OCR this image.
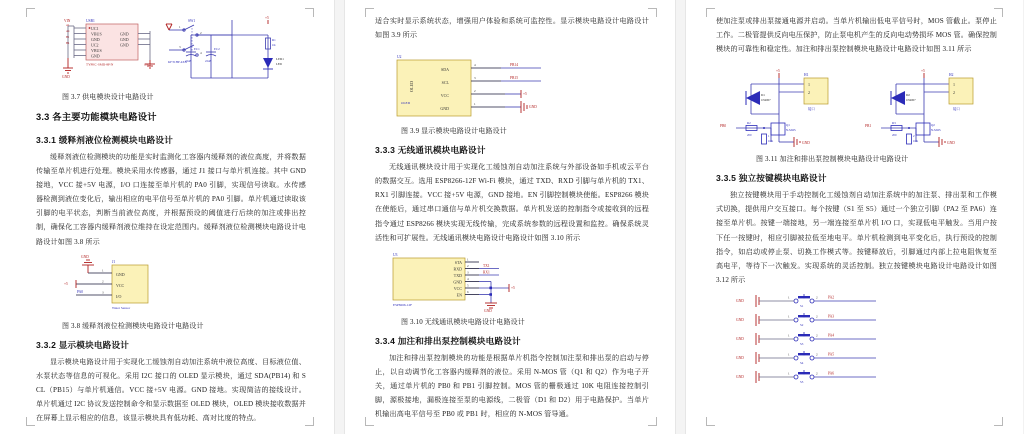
USB1
VIN
UC1
VBUS
GND
UC2
VBUS
GND
GND
GND
GND
TYPEC-SMD-8P/N
A1
A4
B1
B4
GND
GND
SW1
1
3
2
4
KFT1HP-4XX
+5
EC1
22uF
EC2
22uF
R1
1K
LED1
LED
图 3.7 供电模块设计电路设计
3.3 各主要功能模块电路设计
3.3.1 缓释剂液位检测模块电路设计

缓释剂液位检测模块的功能是实时监测化工容器内缓释剂的液位高度，并将数据传输至单片机进行处理。模块采用水传感器，通过 J1 接口与单片机连接。其中 GND 接地，VCC 接+5V 电源，I/O 口连接至单片机的 PA0 引脚，实现信号读取。水传感器检测到液位变化后，输出相应的电平信号至单片机的 PA0 引脚。单片机通过读取该引脚的电平状态，判断当前液位高度，并根据预设的阈值进行后续的加注或排出控制，确保化工容器内缓释剂液位维持在设定范围内。缓释剂液位检测模块电路设计电路设计如图 3.8 所示

J1
GND
VCC
I/O
1
2
3
Water Sensor
GND
+5
PA0
图 3.8 缓释剂液位检测模块电路设计电路设计
3.3.2 显示模块电路设计

显示模块电路设计用于实现化工缓蚀剂自动加注系统中液位高度、目标液位值、水泵状态等信息的可视化。采用 I2C 接口的 OLED 显示模块，通过 SDA(PB14) 和 SCL（PB15）与单片机通信。VCC 接+5V 电源。GND 接地。实现简洁的接线设计。单片机通过 I2C 协议发送控制命令和显示数据至 OLED 模块，OLED 模块接收数据并在屏幕上显示相应的信息，该显示模块具有低功耗、高对比度的特点。

适合实时显示系统状态，增强用户体验和系统可监控性。显示模块电路设计电路设计如图 3.9 所示

U2
OLED
OLED
SDA
SCL
VCC
GND
4
3
2
1
PB14
PB15
+5
GND
图 3.9 显示模块电路设计电路设计
3.3.3 无线通讯模块电路设计

无线通讯模块设计用于实现化工缓蚀剂自动加注系统与外部设备如手机或云平台的数据交互。选用 ESP8266-12F Wi-Fi 模块，通过 TXD、RXD 引脚与单片机的 TX1、RX1 引脚连接。VCC 接+5V 电源，GND 接地。EN 引脚控制模块使能。ESP8266 模块在使能后，通过串口通信与单片机交换数据。单片机发送的控制指令或接收到的远程指令通过 ESP8266 模块实现无线传输，完成系统参数的远程设置和监控。确保系统灵活性和可扩展性。无线通讯模块电路设计电路设计如图 3.10 所示

U3
ESP8266-12F
STA
RXD
TXD
GND
VCC
EN
1
2
3
4
5
6
TX1
RX1
+5
GND
图 3.10 无线通讯模块电路设计电路设计
3.3.4 加注和排出泵控制模块电路设计

加注和排出泵控制模块的功能是根据单片机指令控制加注泵和排出泵的启动与停止，以自动调节化工容器内缓释剂的液位。采用 N-MOS 管（Q1 和 Q2）作为电子开关，通过单片机的 PB0 和 PB1 引脚控制。MOS 管的栅极通过 10K 电阻连接控制引脚，源极接地，漏极连接至泵的电源线，二极管（D1 和 D2）用于电路保护。当单片机输出高电平信号至 PB0 或 PB1 时，相应的 N-MOS 管导通。

使加注泵或排出泵接通电源并启动。当单片机输出低电平信号时，MOS 管截止。泵停止工作。二极管提供反向电压保护，防止泵电机产生的反向电动势损坏 MOS 管。确保控制模块的可靠性和稳定性。加注和排出泵控制模块电路设计电路设计如图 3.11 所示

+5
D1
1N4007
H1
1
2
接口
Q1
N-MOS
R2
200	1
10K
PB0
GND
+5
D2
1N4007
H2
1
2
接口
Q2
N-MOS
R3
200	2
10K
PB1
GND
图 3.11 加注和排出泵控制模块电路设计电路设计
3.3.5 独立按键模块电路设计

独立按键模块用于手动控制化工缓蚀剂自动加注系统中的加注泵、排出泵和工作模式切换，提供用户交互接口。每个按键（S1 至 S5）通过一个独立引脚（PA2 至 PA6）连接至单片机。按键一端接地，另一端连接至单片机 I/O 口，实现低电平触发。当用户按下任一按键时，相应引脚被拉低至地电平。单片机检测到电平变化后，执行预设的控制指令，如启动或停止泵、切换工作模式等。按键释放后，引脚通过内部上拉电阻恢复至高电平，等待下一次触发。实现系统的灵活控制。独立按键模块电路设计电路设计如图 3.12 所示

GND
1	2
S1
PA2
GND
1	2
S2
PA3
GND
1	2
S3
PA4
GND
1	2
S4
PA5
GND
1	2
S5
PA6
